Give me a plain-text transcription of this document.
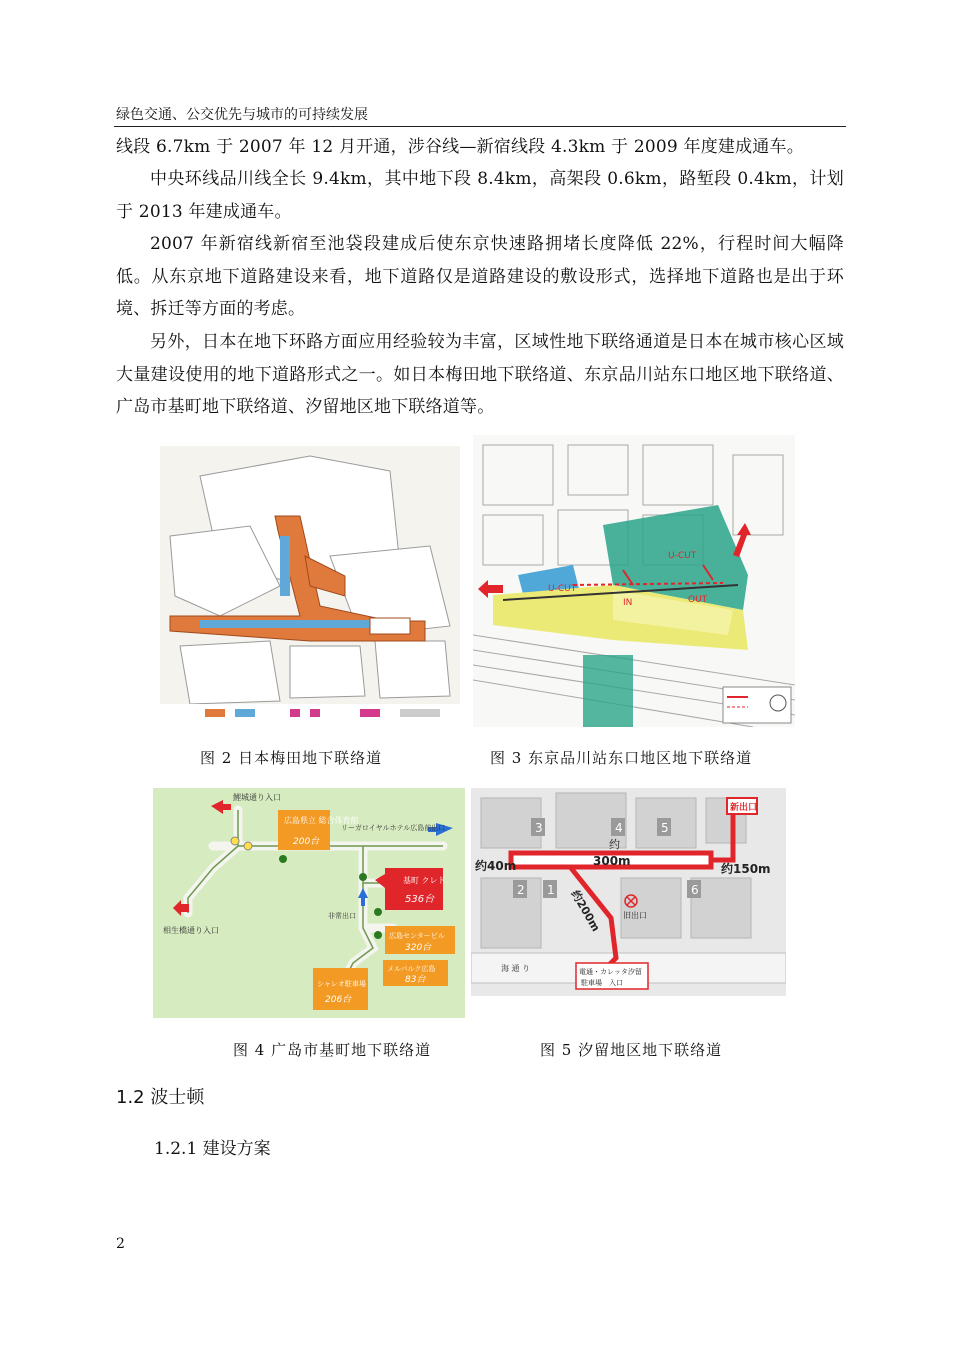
绿色交通、公交优先与城市的可持续发展

线段 6.7km 于 2007 年 12 月开通，涉谷线—新宿线段 4.3km 于 2009 年度建成通车。

中央环线品川线全长 9.4km，其中地下段 8.4km，高架段 0.6km，路堑段 0.4km，计划于 2013 年建成通车。

2007 年新宿线新宿至池袋段建成后使东京快速路拥堵长度降低 22%，行程时间大幅降低。从东京地下道路建设来看，地下道路仅是道路建设的敷设形式，选择地下道路也是出于环境、拆迁等方面的考虑。

另外，日本在地下环路方面应用经验较为丰富，区域性地下联络通道是日本在城市核心区域大量建设使用的地下道路形式之一。如日本梅田地下联络道、东京品川站东口地区地下联络道、广岛市基町地下联络道、汐留地区地下联络道等。

图 2 日本梅田地下联络道
U-CUT
U-CUT
IN	OUT
图 3 东京品川站东口地区地下联络道
鯉城通り入口
広島県立 総合体育館
200台
リーガロイヤルホテル広島前出口
基町 クレド
536台
非常出口
広島センタービル
320台
メルパルク広島
83台
シャレオ駐車場
206台
相生橋通り入口
图 4 广岛市基町地下联络道
3	4	5
2 1	6
新出口
约
300m
约40m	约150m
约200m	旧出口
電通・カレッタ汐留
駐車場　入口
海 通 り
图 5 汐留地区地下联络道
1.2 波士顿
1.2.1 建设方案
2
